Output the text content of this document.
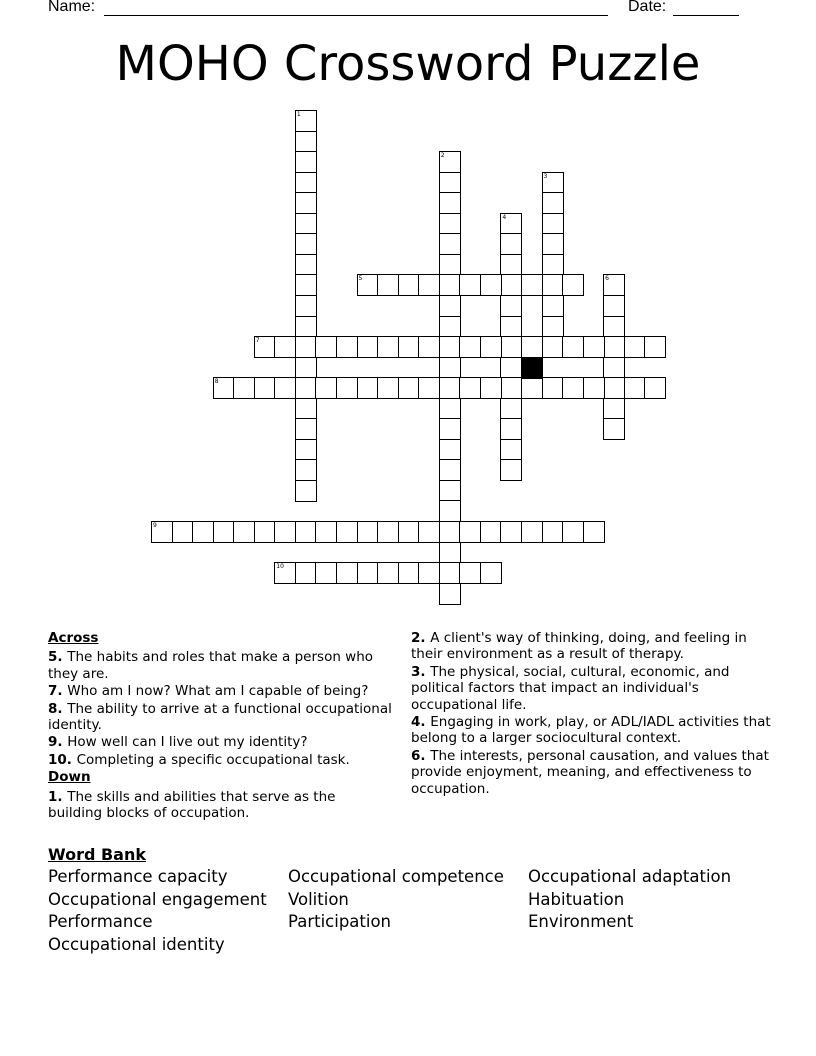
Name:

	Date:

MOHO Crossword Puzzle
1
2
3
4
5	6
7
8
9
10
Across
5. The habits and roles that make a person who they are.
7. Who am I now? What am I capable of being?
8. The ability to arrive at a functional occupational identity.
9. How well can I live out my identity?
10. Completing a specific occupational task.
Down
1. The skills and abilities that serve as the building blocks of occupation.
2. A client's way of thinking, doing, and feeling in their environment as a result of therapy.
3. The physical, social, cultural, economic, and political factors that impact an individual's occupational life.
4. Engaging in work, play, or ADL/IADL activities that belong to a larger sociocultural context.
6. The interests, personal causation, and values that provide enjoyment, meaning, and effectiveness to occupation.
Word Bank
Performance capacity	Occupational competence	Occupational adaptation
Occupational engagement	Volition	Habituation
Performance	Participation	Environment
Occupational identity
